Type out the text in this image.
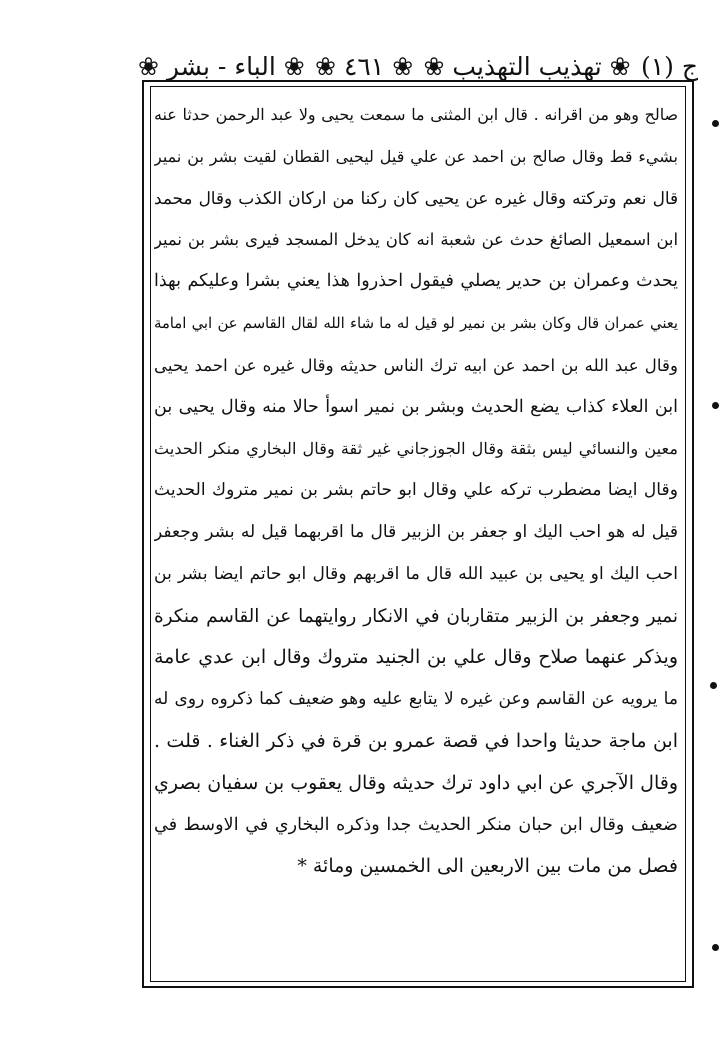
ج (١)
❀ تهذيب التهذيب ❀
❀ ٤٦١ ❀
❀ الباء - بشر ❀
صالح وهو من اقرانه . قال ابن المثنى ما سمعت يحيى ولا عبد الرحمن حدثا عنه
بشيء قط وقال صالح بن احمد عن علي قيل ليحيى القطان لقيت بشر بن نمير
قال نعم وتركته وقال غيره عن يحيى كان ركنا من اركان الكذب وقال محمد
ابن اسمعيل الصائغ حدث عن شعبة انه كان يدخل المسجد فيرى بشر بن نمير
يحدث وعمران بن حدير يصلي فيقول احذروا هذا يعني بشرا وعليكم بهذا
يعني عمران قال وكان بشر بن نمير لو قيل له ما شاء الله لقال القاسم عن ابي امامة
وقال عبد الله بن احمد عن ابيه ترك الناس حديثه وقال غيره عن احمد يحيى
ابن العلاء كذاب يضع الحديث وبشر بن نمير اسوأ حالا منه وقال يحيى بن
معين والنسائي ليس بثقة وقال الجوزجاني غير ثقة وقال البخاري منكر الحديث
وقال ايضا مضطرب تركه علي وقال ابو حاتم بشر بن نمير متروك الحديث
قيل له هو احب اليك او جعفر بن الزبير قال ما اقربهما قيل له بشر وجعفر
احب اليك او يحيى بن عبيد الله قال ما اقربهم وقال ابو حاتم ايضا بشر بن
نمير وجعفر بن الزبير متقاربان في الانكار روايتهما عن القاسم منكرة
ويذكر عنهما صلاح وقال علي بن الجنيد متروك وقال ابن عدي عامة
ما يرويه عن القاسم وعن غيره لا يتابع عليه وهو ضعيف كما ذكروه روى له
ابن ماجة حديثا واحدا في قصة عمرو بن قرة في ذكر الغناء . قلت .
وقال الآجري عن ابي داود ترك حديثه وقال يعقوب بن سفيان بصري
ضعيف وقال ابن حبان منكر الحديث جدا وذكره البخاري في الاوسط في
فصل من مات بين الاربعين الى الخمسين ومائة *
